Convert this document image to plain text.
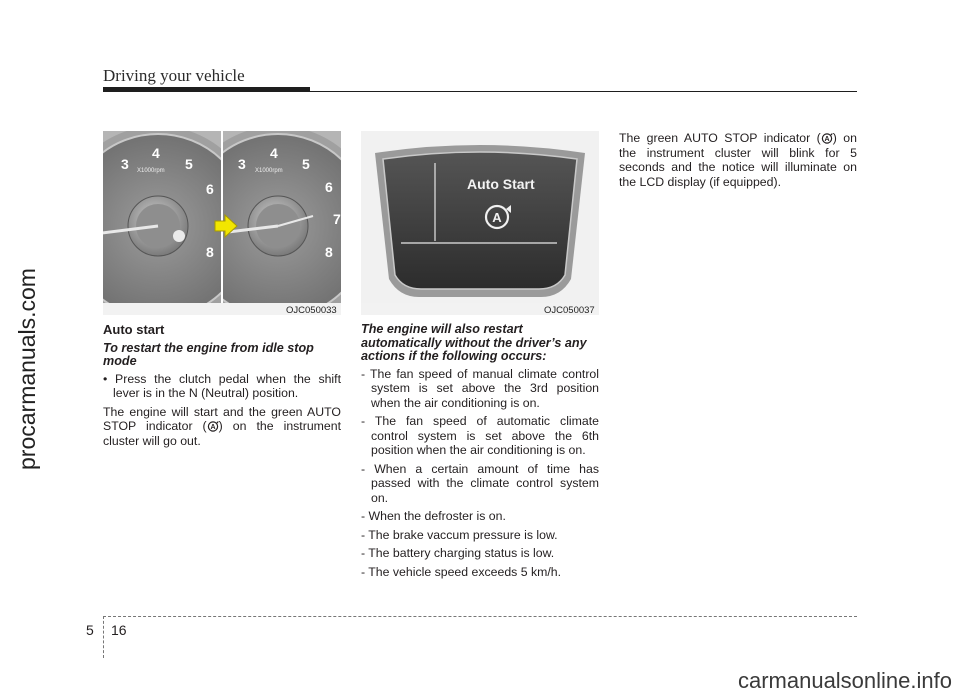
Driving your vehicle
procarmanuals.com
3
4
5
6
8
X1000rpm	3
4
5
6
7
8
X1000rpm
OJC050033
A
Auto Start
OJC050037

Auto start

To restart the engine from idle stop mode

• Press the clutch pedal when the shift lever is in the N (Neutral) position.

The engine will start and the green AUTO STOP indicator ( A ) on the instrument cluster will go out.

The engine will also restart automatically without the driver’s any actions if the following occurs:

- The fan speed of manual climate control system is set above the 3rd position when the air conditioning is on.

- The fan speed of automatic climate control system is set above the 6th position when the air conditioning is on.

- When a certain amount of time has passed with the climate control system on.

- When the defroster is on.

- The brake vaccum pressure is low.

- The battery charging status is low.

- The vehicle speed exceeds 5 km/h.

The green AUTO STOP indicator ( A ) on the instrument cluster will blink for 5 seconds and the notice will illuminate on the LCD display (if equipped).

5 16
carmanualsonline.info
